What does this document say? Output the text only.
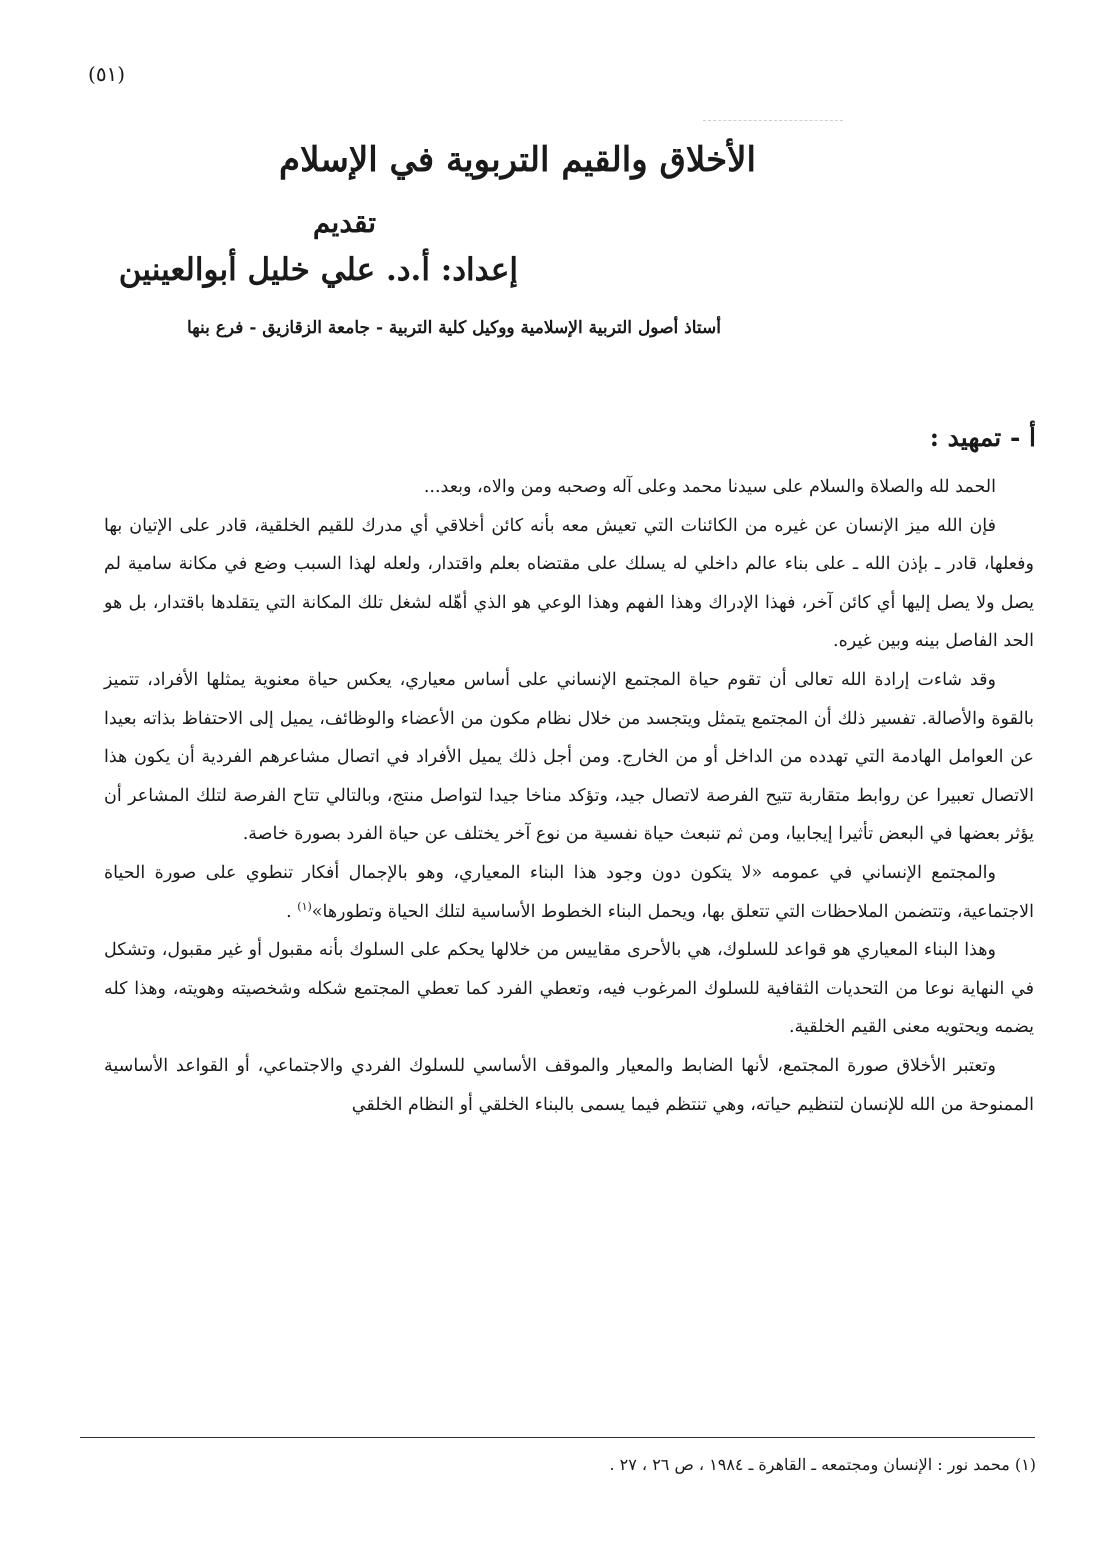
(٥١)
الأخلاق والقيم التربوية في الإسلام
تقديم
إعداد: أ.د. علي خليل أبوالعينين
أستاذ أصول التربية الإسلامية ووكيل كلية التربية - جامعة الزقازيق - فرع بنها
أ - تمهيد :

الحمد لله والصلاة والسلام على سيدنا محمد وعلى آله وصحبه ومن والاه، وبعد...

فإن الله ميز الإنسان عن غيره من الكائنات التي تعيش معه بأنه كائن أخلاقي أي مدرك للقيم الخلقية، قادر على الإتيان بها وفعلها، قادر ـ بإذن الله ـ على بناء عالم داخلي له يسلك على مقتضاه بعلم واقتدار، ولعله لهذا السبب وضع في مكانة سامية لم يصل ولا يصل إليها أي كائن آخر، فهذا الإدراك وهذا الفهم وهذا الوعي هو الذي أهّله لشغل تلك المكانة التي يتقلدها باقتدار، بل هو الحد الفاصل بينه وبين غيره.

وقد شاءت إرادة الله تعالى أن تقوم حياة المجتمع الإنساني على أساس معياري، يعكس حياة معنوية يمثلها الأفراد، تتميز بالقوة والأصالة. تفسير ذلك أن المجتمع يتمثل ويتجسد من خلال نظام مكون من الأعضاء والوظائف، يميل إلى الاحتفاظ بذاته بعيدا عن العوامل الهادمة التي تهدده من الداخل أو من الخارج. ومن أجل ذلك يميل الأفراد في اتصال مشاعرهم الفردية أن يكون هذا الاتصال تعبيرا عن روابط متقاربة تتيح الفرصة لاتصال جيد، وتؤكد مناخا جيدا لتواصل منتج، وبالتالي تتاح الفرصة لتلك المشاعر أن يؤثر بعضها في البعض تأثيرا إيجابيا، ومن ثم تنبعث حياة نفسية من نوع آخر يختلف عن حياة الفرد بصورة خاصة.

والمجتمع الإنساني في عمومه «لا يتكون دون وجود هذا البناء المعياري، وهو بالإجمال أفكار تنطوي على صورة الحياة الاجتماعية، وتتضمن الملاحظات التي تتعلق بها، ويحمل البناء الخطوط الأساسية لتلك الحياة وتطورها»$^{(١)}$ .

وهذا البناء المعياري هو قواعد للسلوك، هي بالأحرى مقاييس من خلالها يحكم على السلوك بأنه مقبول أو غير مقبول، وتشكل في النهاية نوعا من التحديات الثقافية للسلوك المرغوب فيه، وتعطي الفرد كما تعطي المجتمع شكله وشخصيته وهويته، وهذا كله يضمه ويحتويه معنى القيم الخلقية.

وتعتبر الأخلاق صورة المجتمع، لأنها الضابط والمعيار والموقف الأساسي للسلوك الفردي والاجتماعي، أو القواعد الأساسية الممنوحة من الله للإنسان لتنظيم حياته، وهي تنتظم فيما يسمى بالبناء الخلقي أو النظام الخلقي

(١) محمد نور : الإنسان ومجتمعه ـ القاهرة ـ ١٩٨٤ ، ص ٢٦ ، ٢٧ .
